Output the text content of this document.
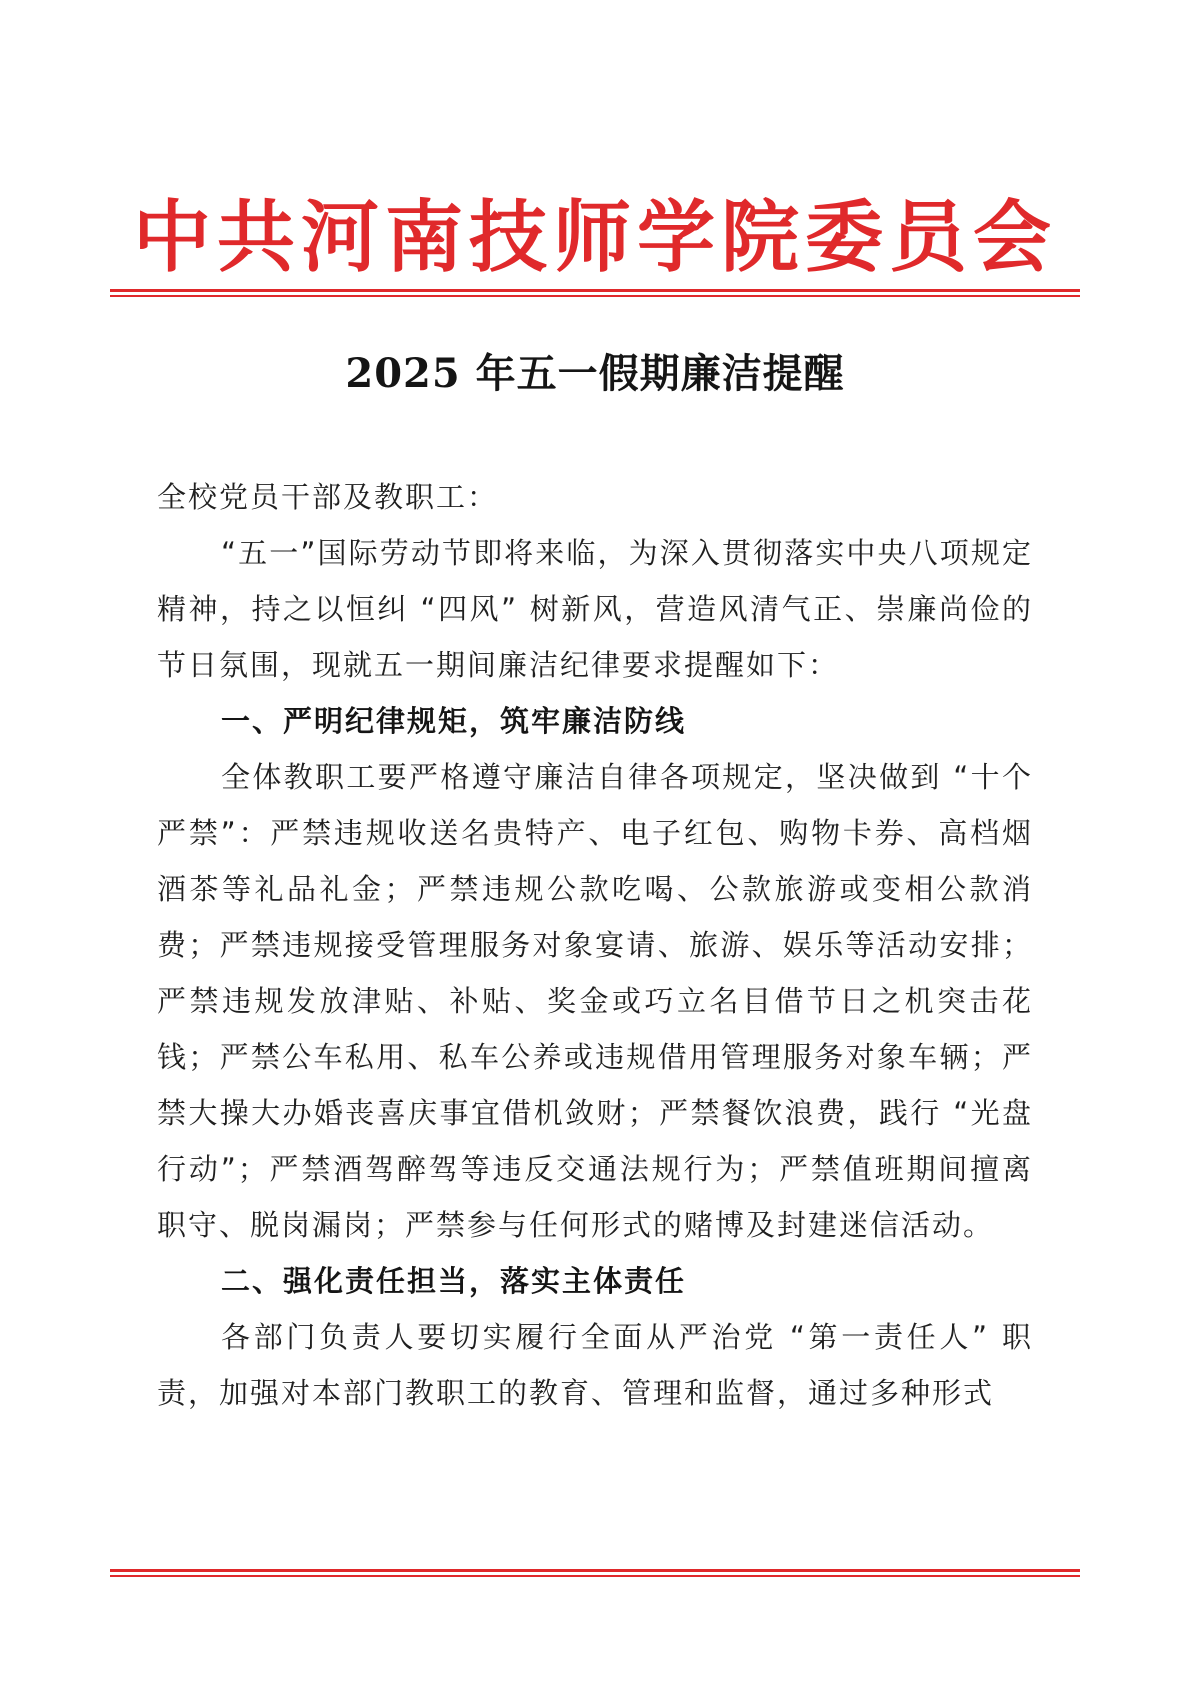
中共河南技师学院委员会
2025 年五一假期廉洁提醒

全校党员干部及教职工：

“五一”国际劳动节即将来临，为深入贯彻落实中央八项规定精神，持之以恒纠 “四风” 树新风，营造风清气正、崇廉尚俭的节日氛围，现就五一期间廉洁纪律要求提醒如下：

一、严明纪律规矩，筑牢廉洁防线

全体教职工要严格遵守廉洁自律各项规定，坚决做到 “十个严禁”：严禁违规收送名贵特产、电子红包、购物卡券、高档烟酒茶等礼品礼金；严禁违规公款吃喝、公款旅游或变相公款消费；严禁违规接受管理服务对象宴请、旅游、娱乐等活动安排；严禁违规发放津贴、补贴、奖金或巧立名目借节日之机突击花钱；严禁公车私用、私车公养或违规借用管理服务对象车辆；严禁大操大办婚丧喜庆事宜借机敛财；严禁餐饮浪费，践行 “光盘行动”；严禁酒驾醉驾等违反交通法规行为；严禁值班期间擅离职守、脱岗漏岗；严禁参与任何形式的赌博及封建迷信活动。

二、强化责任担当，落实主体责任

各部门负责人要切实履行全面从严治党 “第一责任人” 职责，加强对本部门教职工的教育、管理和监督，通过多种形式
